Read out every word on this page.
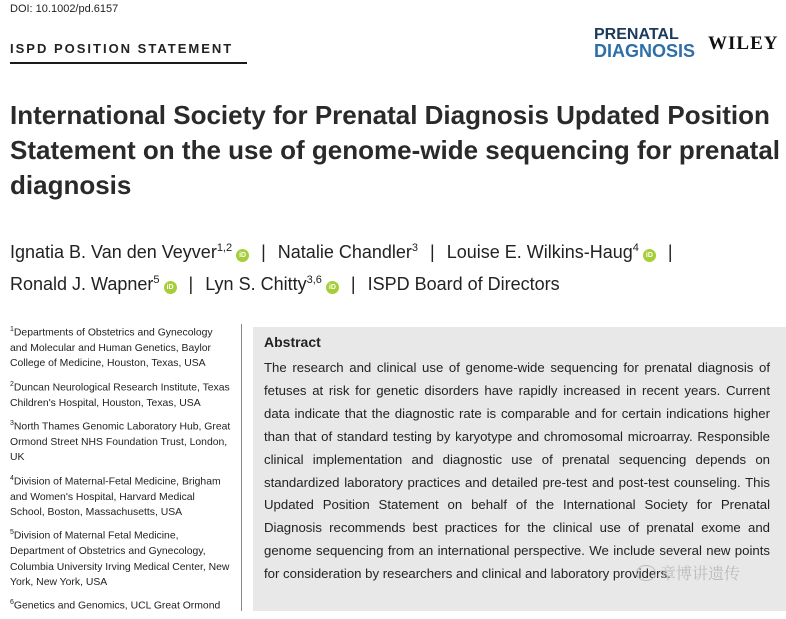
DOI: 10.1002/pd.6157
ISPD POSITION STATEMENT
PRENATAL
DIAGNOSIS WILEY
International Society for Prenatal Diagnosis Updated Position Statement on the use of genome-wide sequencing for prenatal diagnosis
Ignatia B. Van den Veyver$^{1,2}$iD | Natalie Chandler$^3$ | Louise E. Wilkins-Haug$^4$iD |
Ronald J. Wapner$^5$iD | Lyn S. Chitty$^{3,6}$iD | ISPD Board of Directors
$^1$Departments of Obstetrics and Gynecology and Molecular and Human Genetics, Baylor College of Medicine, Houston, Texas, USA
$^2$Duncan Neurological Research Institute, Texas Children's Hospital, Houston, Texas, USA
$^3$North Thames Genomic Laboratory Hub, Great Ormond Street NHS Foundation Trust, London, UK
$^4$Division of Maternal-Fetal Medicine, Brigham and Women's Hospital, Harvard Medical School, Boston, Massachusetts, USA
$^5$Division of Maternal Fetal Medicine, Department of Obstetrics and Gynecology, Columbia University Irving Medical Center, New York, New York, USA
$^6$Genetics and Genomics, UCL Great Ormond
Abstract
The research and clinical use of genome-wide sequencing for prenatal diagnosis of fetuses at risk for genetic disorders have rapidly increased in recent years. Current data indicate that the diagnostic rate is comparable and for certain indications higher than that of standard testing by karyotype and chromosomal microarray. Responsible clinical implementation and diagnostic use of prenatal sequencing depends on standardized laboratory practices and detailed pre-test and post-test counseling. This Updated Position Statement on behalf of the International Society for Prenatal Diagnosis recommends best practices for the clinical use of prenatal exome and genome sequencing from an international perspective. We include several new points for consideration by researchers and clinical and laboratory providers.
章博讲遗传
